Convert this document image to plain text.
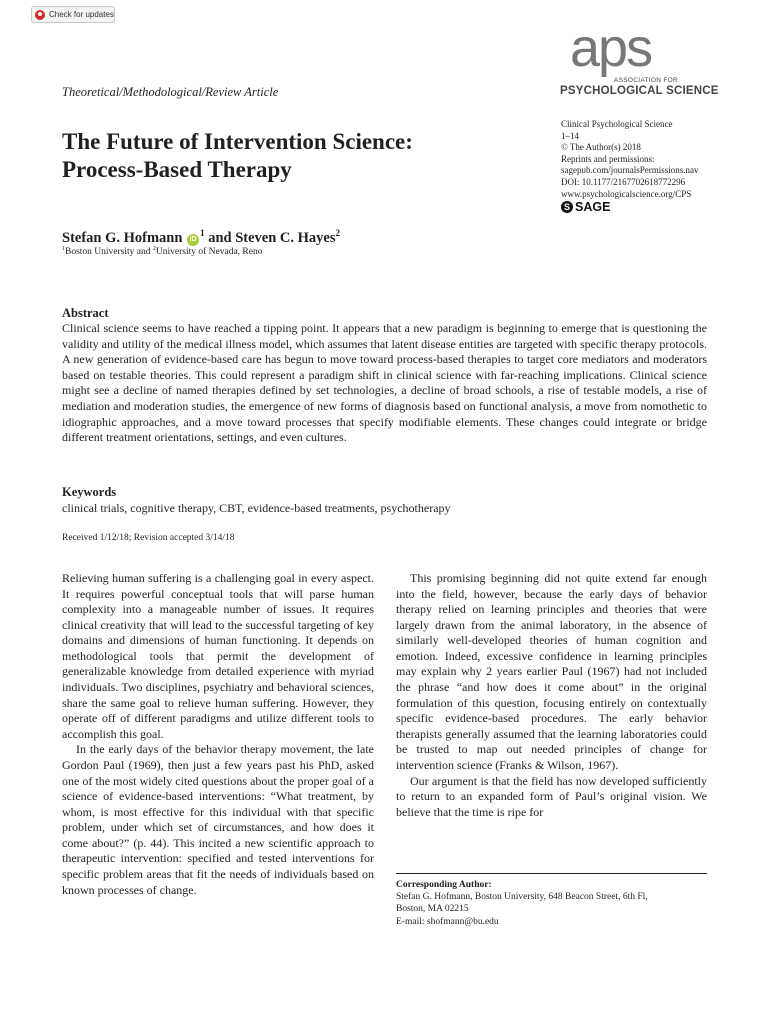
Check for updates
aps
ASSOCIATION FOR
PSYCHOLOGICAL SCIENCE
Theoretical/Methodological/Review Article
The Future of Intervention Science:
Process-Based Therapy
Clinical Psychological Science
1–14
© The Author(s) 2018
Reprints and permissions:
sagepub.com/journalsPermissions.nav
DOI: 10.1177/2167702618772296
www.psychologicalscience.org/CPS
S SAGE
Stefan G. Hofmann $iD^1$ and Steven C. Hayes$^2$
$^1$Boston University and $^2$University of Nevada, Reno
Abstract

Clinical science seems to have reached a tipping point. It appears that a new paradigm is beginning to emerge that is questioning the validity and utility of the medical illness model, which assumes that latent disease entities are targeted with specific therapy protocols. A new generation of evidence-based care has begun to move toward process-based therapies to target core mediators and moderators based on testable theories. This could represent a paradigm shift in clinical science with far-reaching implications. Clinical science might see a decline of named therapies defined by set technologies, a decline of broad schools, a rise of testable models, a rise of mediation and moderation studies, the emergence of new forms of diagnosis based on functional analysis, a move from nomothetic to idiographic approaches, and a move toward processes that specify modifiable elements. These changes could integrate or bridge different treatment orientations, settings, and even cultures.

Keywords
clinical trials, cognitive therapy, CBT, evidence-based treatments, psychotherapy
Received 1/12/18; Revision accepted 3/14/18

Relieving human suffering is a challenging goal in every aspect. It requires powerful conceptual tools that will parse human complexity into a manageable number of issues. It requires clinical creativity that will lead to the successful targeting of key domains and dimensions of human functioning. It depends on methodological tools that permit the development of generalizable knowledge from detailed experience with myriad individuals. Two disciplines, psychiatry and behavioral sciences, share the same goal to relieve human suffering. However, they operate off of different paradigms and utilize different tools to accomplish this goal.

In the early days of the behavior therapy movement, the late Gordon Paul (1969), then just a few years past his PhD, asked one of the most widely cited questions about the proper goal of a science of evidence-based interventions: “What treatment, by whom, is most effective for this individual with that specific problem, under which set of circumstances, and how does it come about?” (p. 44). This incited a new scientific approach to therapeutic intervention: specified and tested interventions for specific problem areas that fit the needs of individuals based on known processes of change.

This promising beginning did not quite extend far enough into the field, however, because the early days of behavior therapy relied on learning principles and theories that were largely drawn from the animal laboratory, in the absence of similarly well-developed theories of human cognition and emotion. Indeed, excessive confidence in learning principles may explain why 2 years earlier Paul (1967) had not included the phrase “and how does it come about” in the original formulation of this question, focusing entirely on contextually specific evidence-based procedures. The early behavior therapists generally assumed that the learning laboratories could be trusted to map out needed principles of change for intervention science (Franks & Wilson, 1967).

Our argument is that the field has now developed sufficiently to return to an expanded form of Paul’s original vision. We believe that the time is ripe for

Corresponding Author:
Stefan G. Hofmann, Boston University, 648 Beacon Street, 6th Fl,
Boston, MA 02215
E-mail: shofmann@bu.edu
